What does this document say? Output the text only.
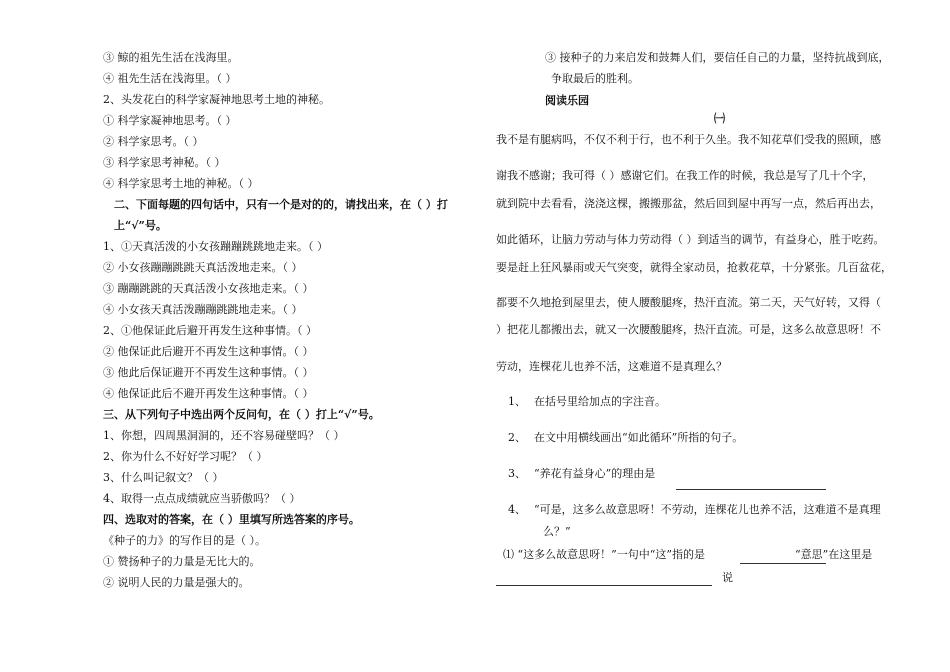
③ 鲸的祖先生活在浅海里。
④ 祖先生活在浅海里。（ ）
2、头发花白的科学家凝神地思考土地的神秘。
① 科学家凝神地思考。（ ）
② 科学家思考。（ ）
③ 科学家思考神秘。（ ）
④ 科学家思考土地的神秘。（ ）
二、下面每题的四句话中，只有一个是对的的，请找出来，在（ ）打
上“√”号。
1、①天真活泼的小女孩蹦蹦跳跳地走来。（ ）
② 小女孩蹦蹦跳跳天真活泼地走来。（ ）
③ 蹦蹦跳跳的天真活泼小女孩地走来。（ ）
④ 小女孩天真活泼蹦蹦跳跳地走来。（ ）
2、①他保证此后避开再发生这种事情。（ ）
② 他保证此后避开不再发生这种事情。（ ）
③ 他此后保证避开不再发生这种事情。（ ）
④ 他保证此后不避开再发生这种事情。（ ）
三、从下列句子中选出两个反问句，在（ ）打上“√”号。
1、你想，四周黑洞洞的，还不容易碰壁吗？（ ）
2、你为什么不好好学习呢？（ ）
3、什么叫记叙文？（ ）
4、取得一点点成绩就应当骄傲吗？（ ）
四、选取对的答案，在（ ）里填写所选答案的序号。
《种子的力》的写作目的是（ ）。
① 赞扬种子的力量是无比大的。
② 说明人民的力量是强大的。
③ 接种子的力来启发和鼓舞人们，要信任自己的力量，坚持抗战到底，
争取最后的胜利。
阅读乐园
㈠
我不是有腿病吗，不仅不利于行，也不利于久坐。我不知花草们受我的照顾，感
谢我不感谢；我可得（ ）感谢它们。在我工作的时候，我总是写了几十个字，
就到院中去看看，浇浇这棵，搬搬那盆，然后回到屋中再写一点，然后再出去，
如此循环，让脑力劳动与体力劳动得（ ）到适当的调节，有益身心，胜于吃药。
要是赶上狂风暴雨或天气突变，就得全家动员，抢救花草，十分紧张。几百盆花，
都要不久地抢到屋里去，使人腰酸腿疼，热汗直流。第二天，天气好转，又得（
）把花儿都搬出去，就又一次腰酸腿疼，热汗直流。可是，这多么故意思呀！不
劳动，连棵花儿也养不活，这难道不是真理么？
1、 在括号里给加点的字注音。
2、 在文中用横线画出“如此循环”所指的句子。
3、 “养花有益身心”的理由是
4、 “可是，这多么故意思呀！不劳动，连棵花儿也养不活，这难道不是真理
么？”
⑴ “这多么故意思呀！”一句中“这”指的是	“意思”在这里是
说
